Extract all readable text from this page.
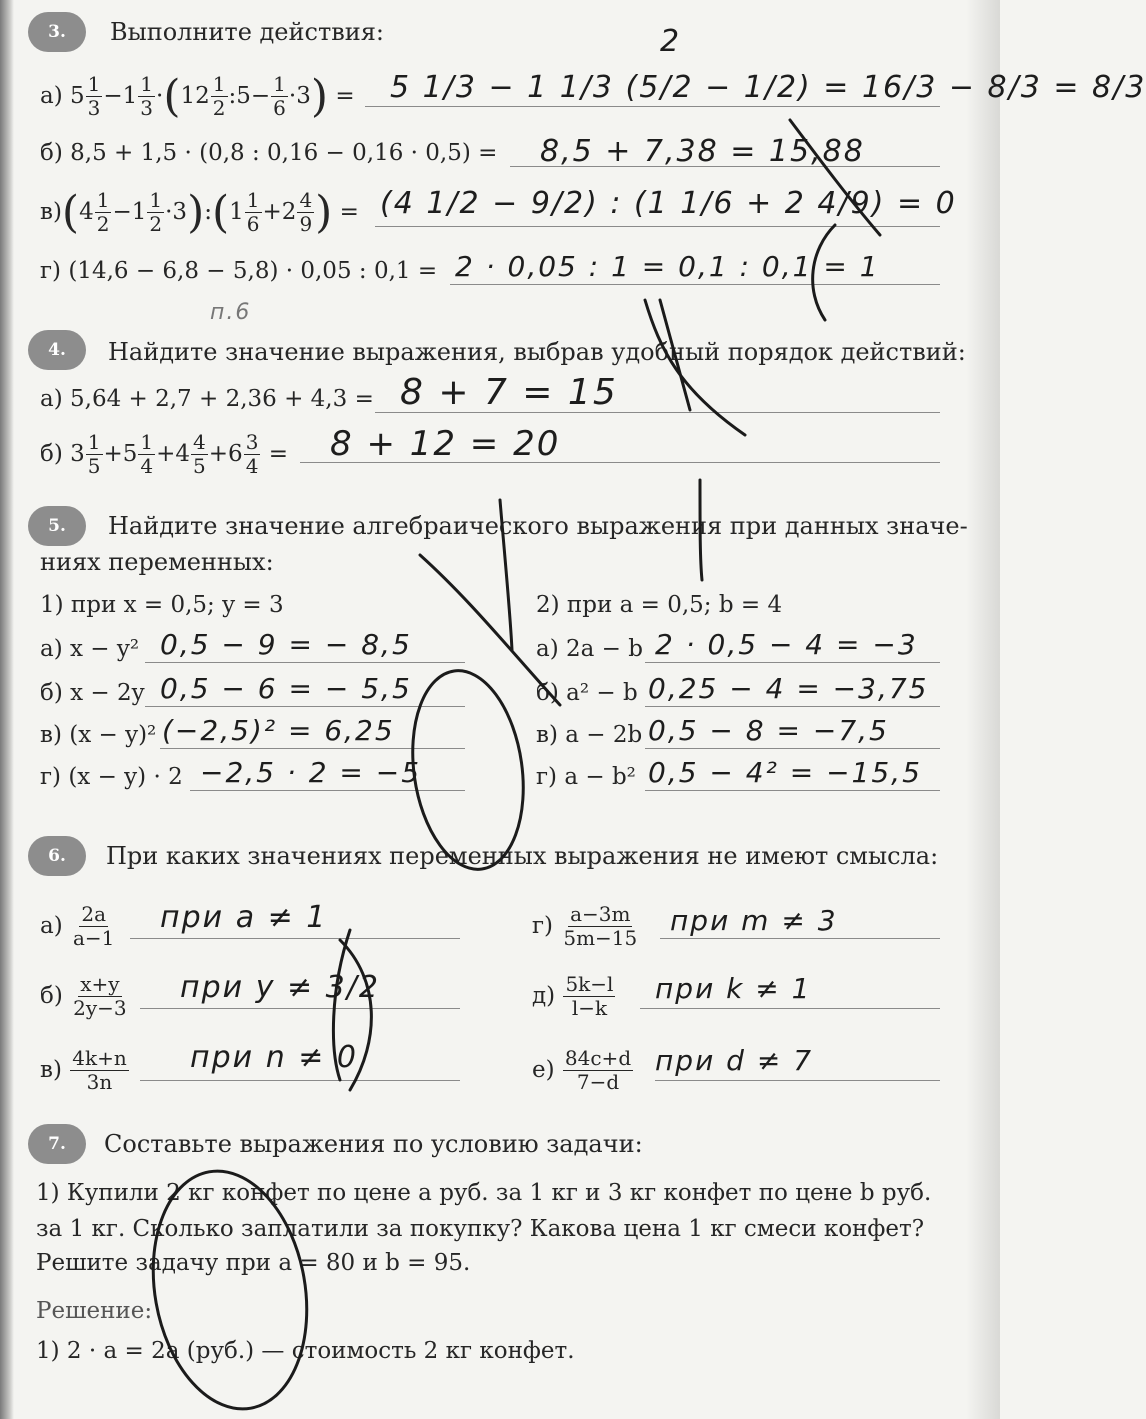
3.	Выполните действия:
а)
$5 \frac{1}{3} -1 \frac{1}{3}$ · ( $12 \frac{1}{2}$ :5− $\frac{1}{6} \cdot 3$ )
= 5 1/3 − 1 1/3 (5/2 − 1/2) = 16/3 − 8/3 = 8/3
2
б) 8,5 + 1,5 · (0,8 : 0,16 − 0,16 · 0,5) = 8,5 + 7,38 = 15,88
в) ( $4 \frac{1}{2} -1 \frac{1}{2} \cdot 3$ ) : ( $1 \frac{1}{6} +2 \frac{4}{9}$ )
= (4 1/2 − 9/2) : (1 1/6 + 2 4/9) = 0
г) (14,6 − 6,8 − 5,8) · 0,05 : 0,1 = 2 · 0,05 : 1 = 0,1 : 0,1 = 1
п.6
4.	Найдите значение выражения, выбрав удобный порядок действий:
а) 5,64 + 2,7 + 2,36 + 4,3 = 8 + 7 = 15
б) $3 \frac{1}{5} +5 \frac{1}{4} +4 \frac{4}{5} +6 \frac{3}{4}$
= 8 + 12 = 20
5.	Найдите значение алгебраического выражения при данных значе-
ниях переменных:
1) при x = 0,5; y = 3	2) при a = 0,5; b = 4
а) x − y² 0,5 − 9 = − 8,5
б) x − 2y 0,5 − 6 = − 5,5
в) (x − y)² (−2,5)² = 6,25
г) (x − y) · 2 −2,5 · 2 = −5
а) 2a − b 2 · 0,5 − 4 = −3
б) a² − b 0,25 − 4 = −3,75
в) a − 2b 0,5 − 8 = −7,5
г) a − b² 0,5 − 4² = −15,5
6.	При каких значениях переменных выражения не имеют смысла:
а)
$\frac{2a}{a-1}$ при a ≠ 1
б)
$\frac{x+y}{2y-3}$ при y ≠ 3/2
в)
$\frac{4k+n}{3n}$ при n ≠ 0
г)
$\frac{a-3m}{5m-15}$ при m ≠ 3
д)
$\frac{5k-l}{l-k}$ при k ≠ 1
е)
$\frac{84c+d}{7-d}$ при d ≠ 7
7.	Составьте выражения по условию задачи:
1) Купили 2 кг конфет по цене a руб. за 1 кг и 3 кг конфет по цене b руб.
за 1 кг. Сколько заплатили за покупку? Какова цена 1 кг смеси конфет?
Решите задачу при a = 80 и b = 95.
Решение:
1) 2 · a = 2a (руб.) — стоимость 2 кг конфет.
